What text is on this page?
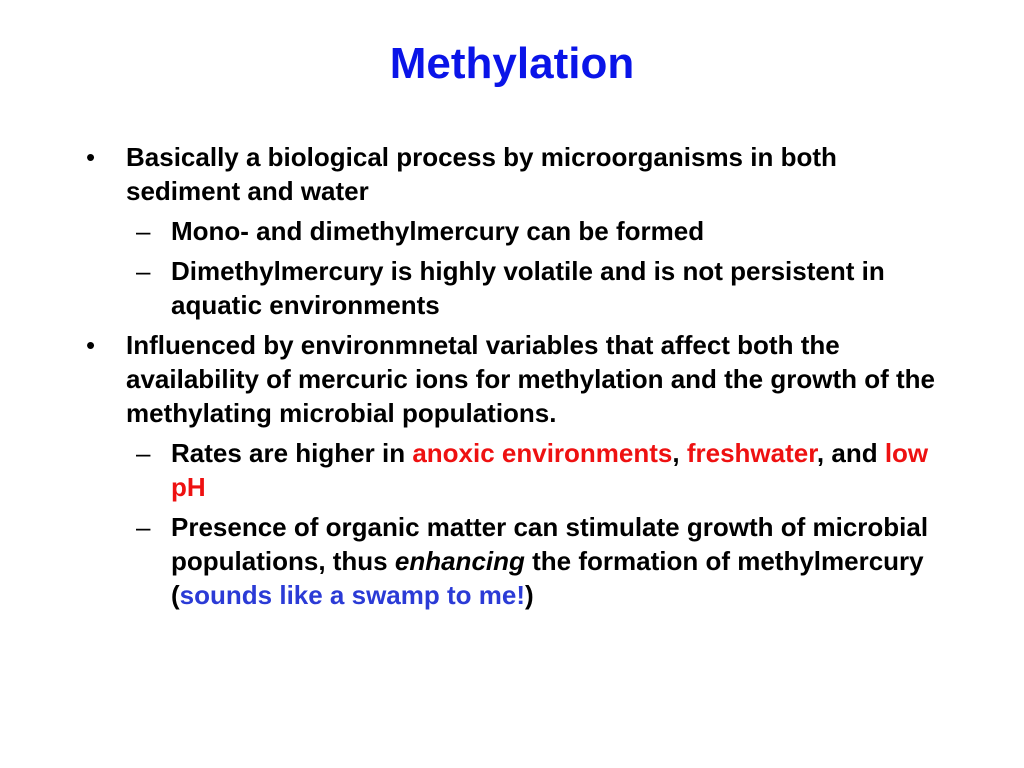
Methylation
• Basically a biological process by microorganisms in both sediment and water
– Mono- and dimethylmercury can be formed
– Dimethylmercury is highly volatile and is not persistent in aquatic environments
• Influenced by environmnetal variables that affect both the availability of mercuric ions for methylation and the growth of the methylating microbial populations.
– Rates are higher in anoxic environments, freshwater, and low pH
– Presence of organic matter can stimulate growth of microbial populations, thus enhancing the formation of methylmercury (sounds like a swamp to me!)
